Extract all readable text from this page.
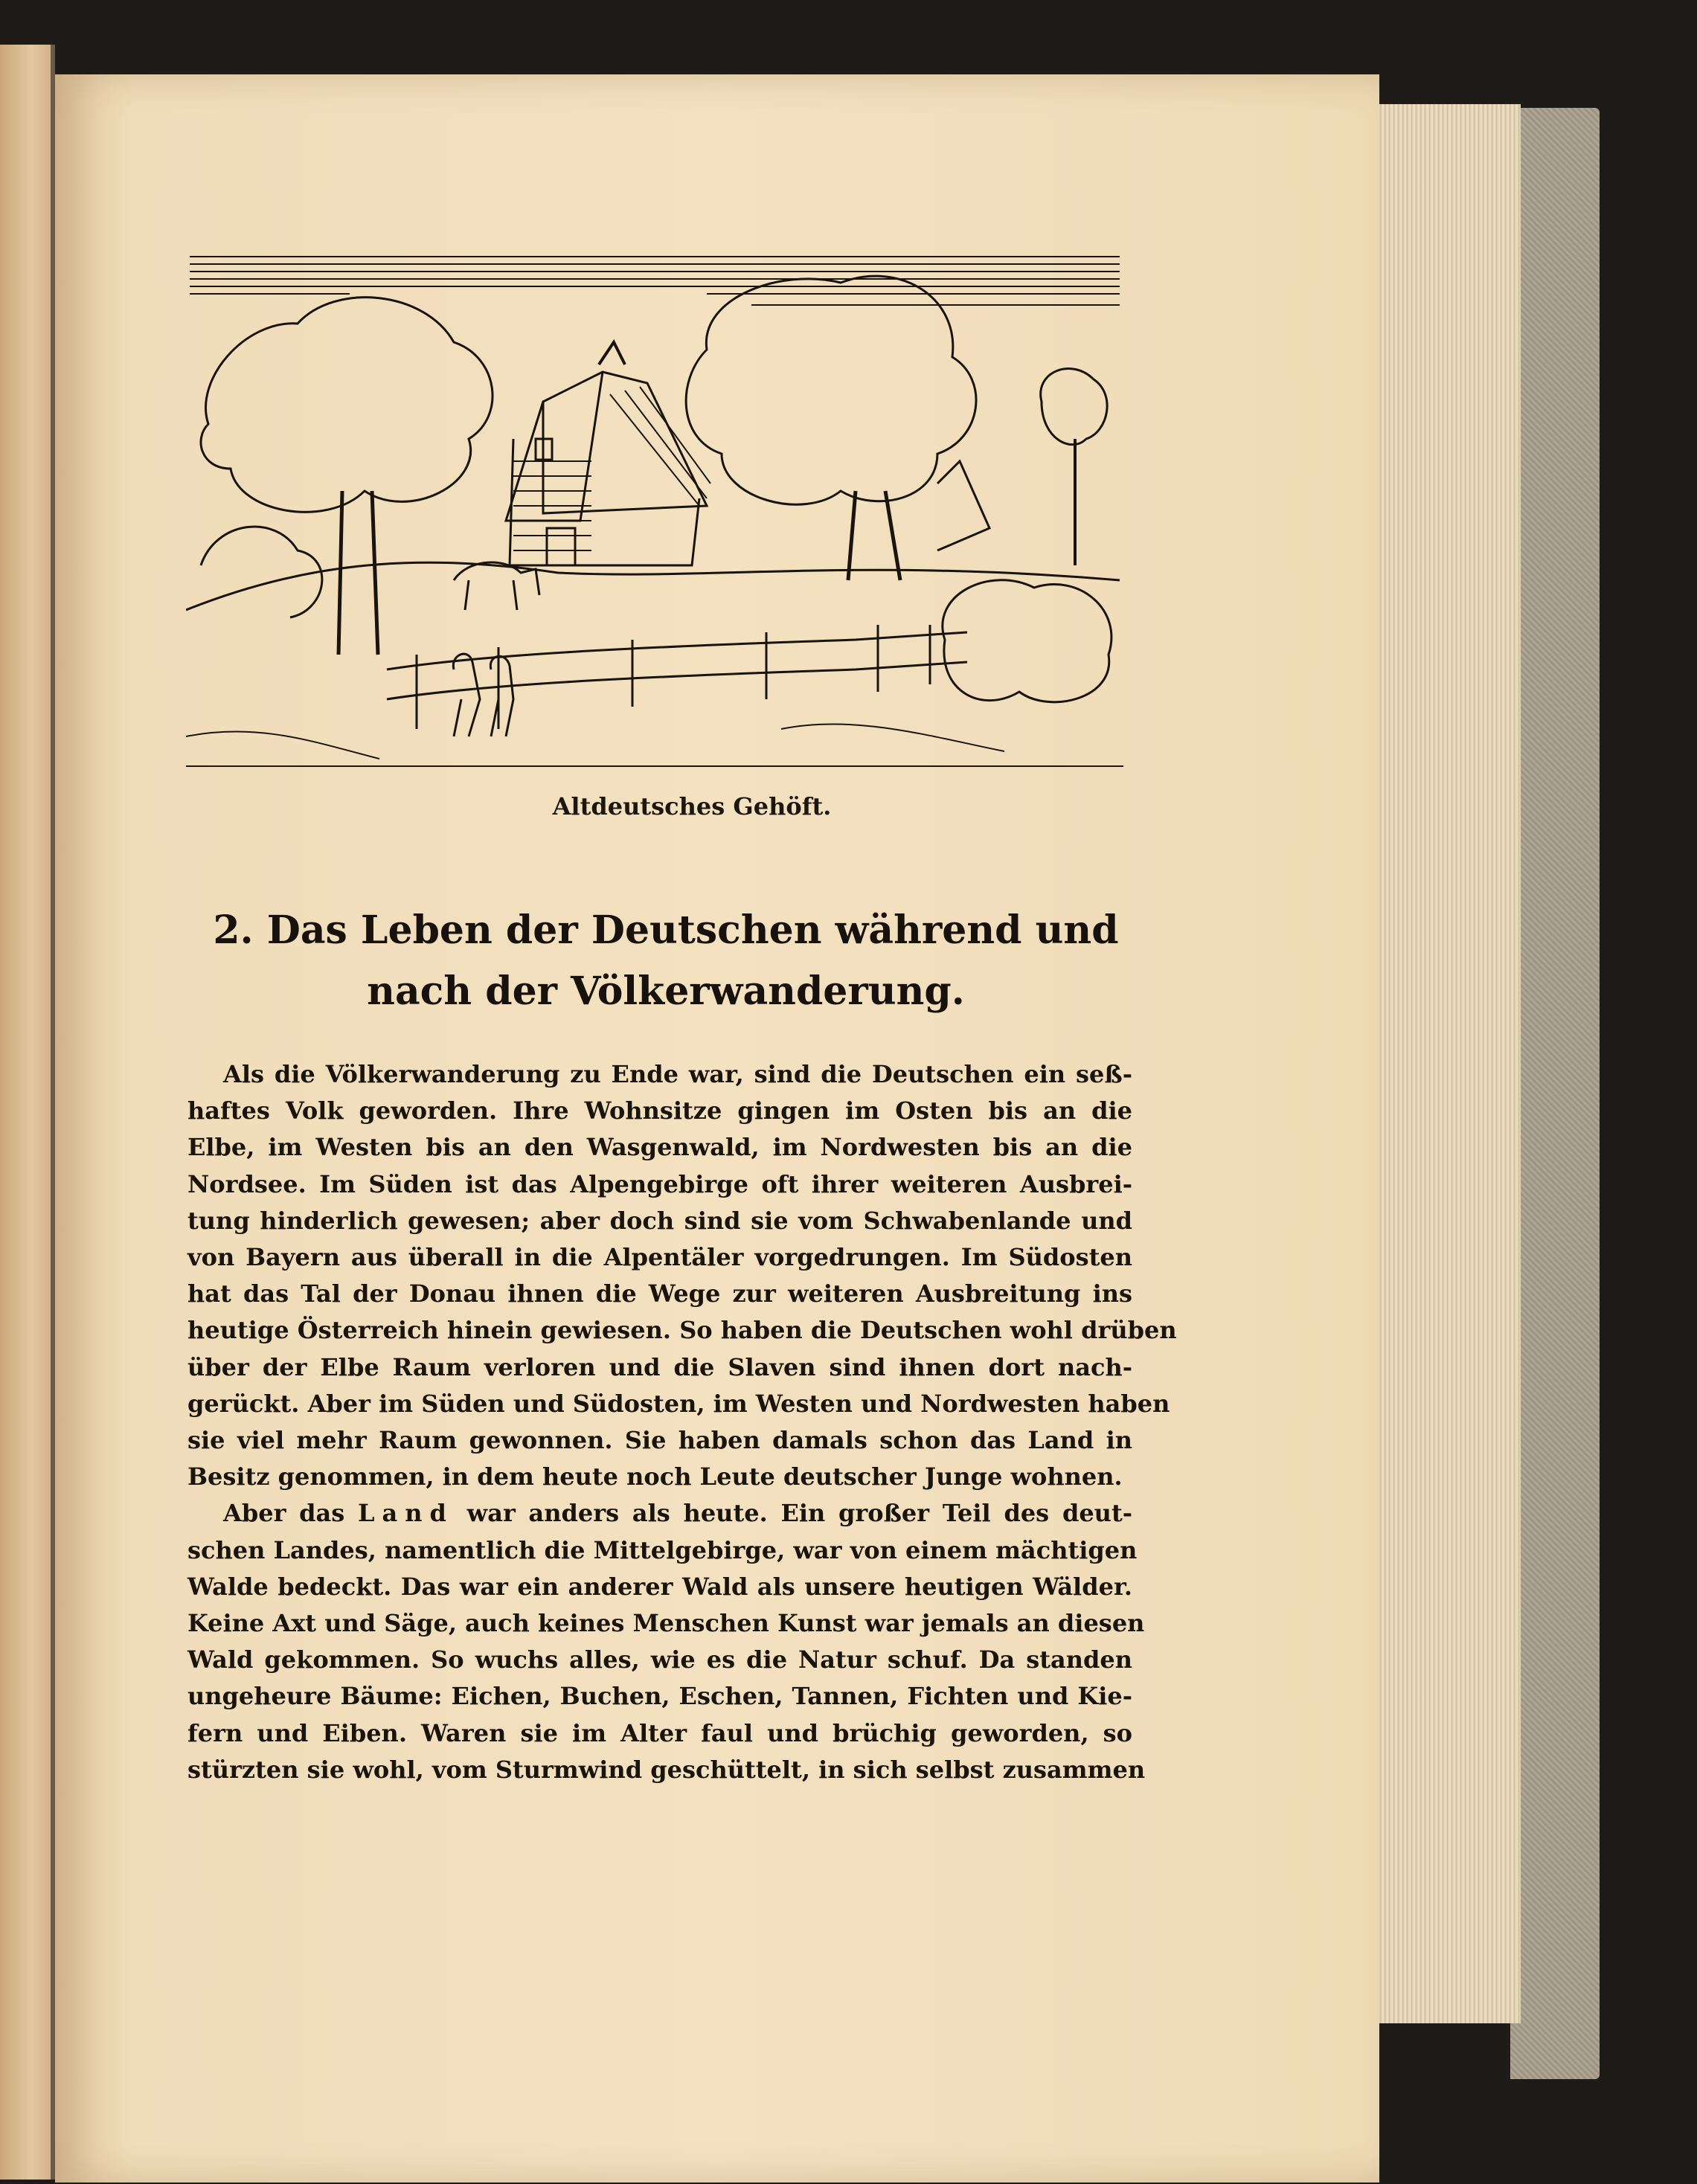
Altdeutsches Gehöft.
2. Das Leben der Deutschen während und
nach der Völkerwanderung.
Als die Völkerwanderung zu Ende war, sind die Deutschen ein seß-
haftes Volk geworden. Ihre Wohnsitze gingen im Osten bis an die
Elbe, im Westen bis an den Wasgenwald, im Nordwesten bis an die
Nordsee. Im Süden ist das Alpengebirge oft ihrer weiteren Ausbrei-
tung hinderlich gewesen; aber doch sind sie vom Schwabenlande und
von Bayern aus überall in die Alpentäler vorgedrungen. Im Südosten
hat das Tal der Donau ihnen die Wege zur weiteren Ausbreitung ins
heutige Österreich hinein gewiesen. So haben die Deutschen wohl drüben
über der Elbe Raum verloren und die Slaven sind ihnen dort nach-
gerückt. Aber im Süden und Südosten, im Westen und Nordwesten haben
sie viel mehr Raum gewonnen. Sie haben damals schon das Land in
Besitz genommen, in dem heute noch Leute deutscher Junge wohnen.
Aber das Land war anders als heute. Ein großer Teil des deut-
schen Landes, namentlich die Mittelgebirge, war von einem mächtigen
Walde bedeckt. Das war ein anderer Wald als unsere heutigen Wälder.
Keine Axt und Säge, auch keines Menschen Kunst war jemals an diesen
Wald gekommen. So wuchs alles, wie es die Natur schuf. Da standen
ungeheure Bäume: Eichen, Buchen, Eschen, Tannen, Fichten und Kie-
fern und Eiben. Waren sie im Alter faul und brüchig geworden, so
stürzten sie wohl, vom Sturmwind geschüttelt, in sich selbst zusammen
